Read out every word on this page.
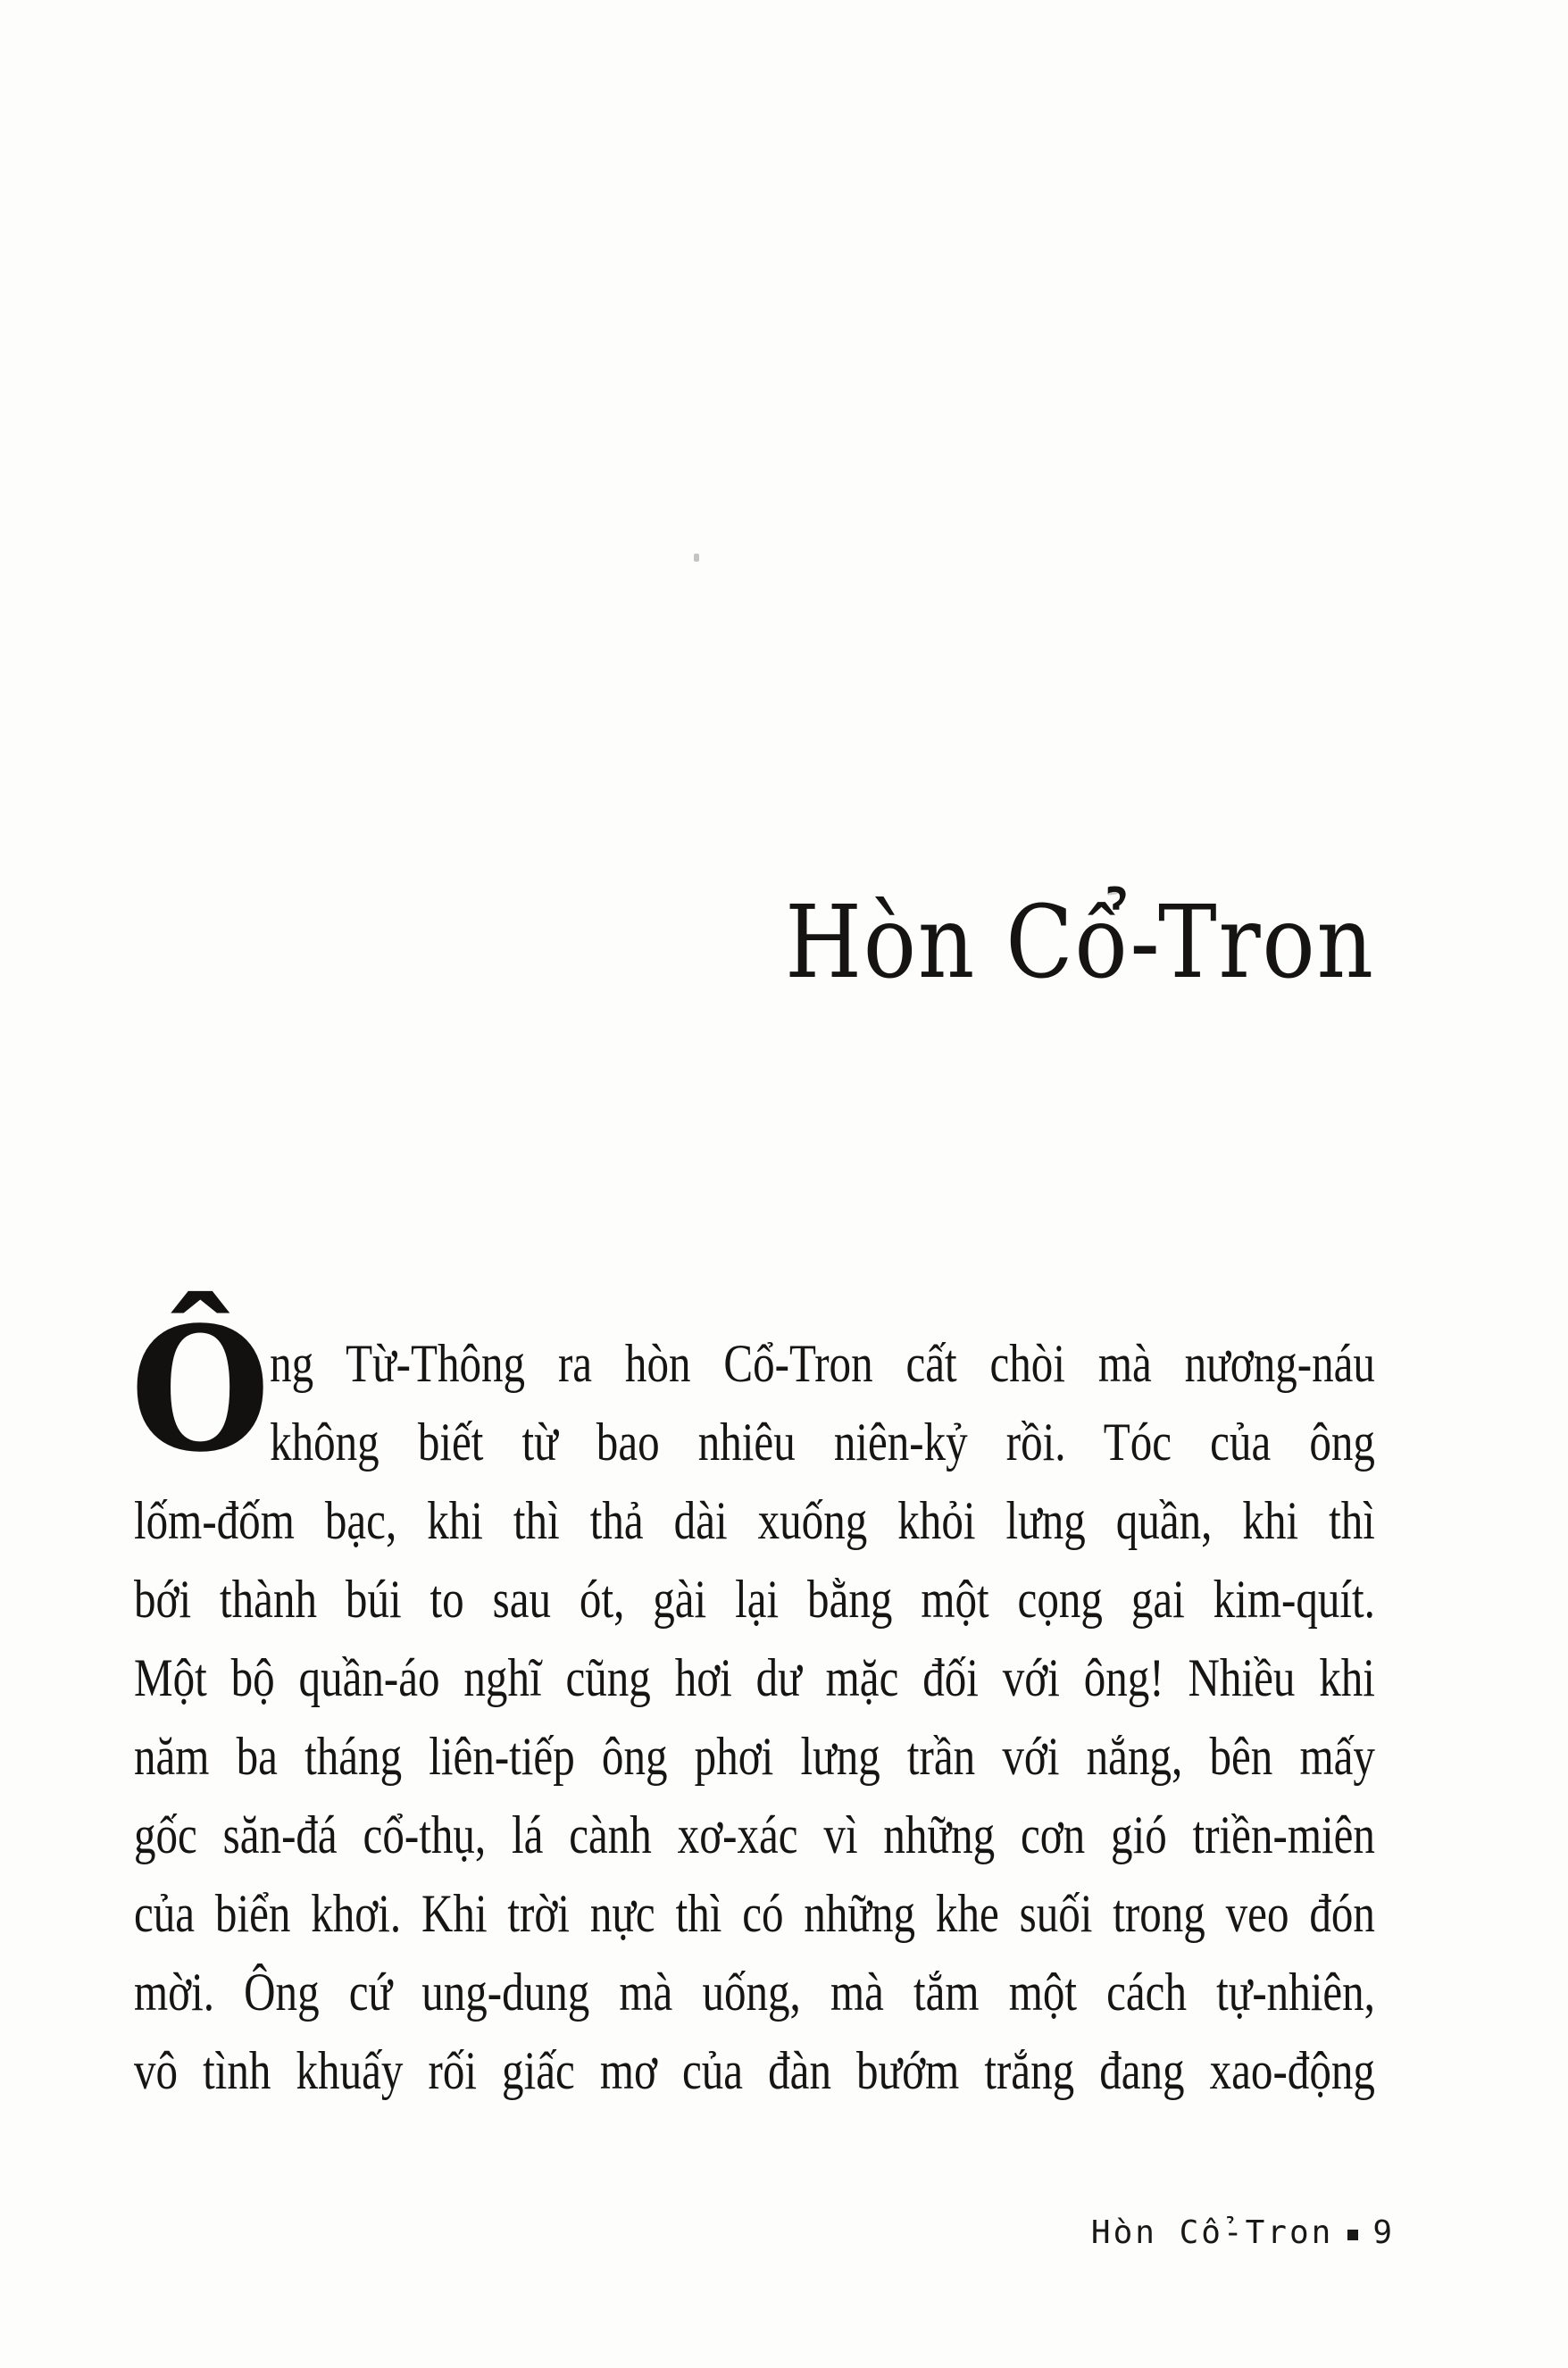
Hòn Cổ-Tron
Ô ng Từ-Thông ra hòn Cổ-Tron cất chòi mà nương-náu
không biết từ bao nhiêu niên-kỷ rồi. Tóc của ông
lốm-đốm bạc, khi thì thả dài xuống khỏi lưng quần, khi thì
bới thành búi to sau ót, gài lại bằng một cọng gai kim-quít.
Một bộ quần-áo nghĩ cũng hơi dư mặc đối với ông! Nhiều khi
năm ba tháng liên-tiếp ông phơi lưng trần với nắng, bên mấy
gốc săn-đá cổ-thụ, lá cành xơ-xác vì những cơn gió triền-miên
của biển khơi. Khi trời nực thì có những khe suối trong veo đón
mời. Ông cứ ung-dung mà uống, mà tắm một cách tự-nhiên,
vô tình khuấy rối giấc mơ của đàn bướm trắng đang xao-động
Hòn Cổ-Tron 9
